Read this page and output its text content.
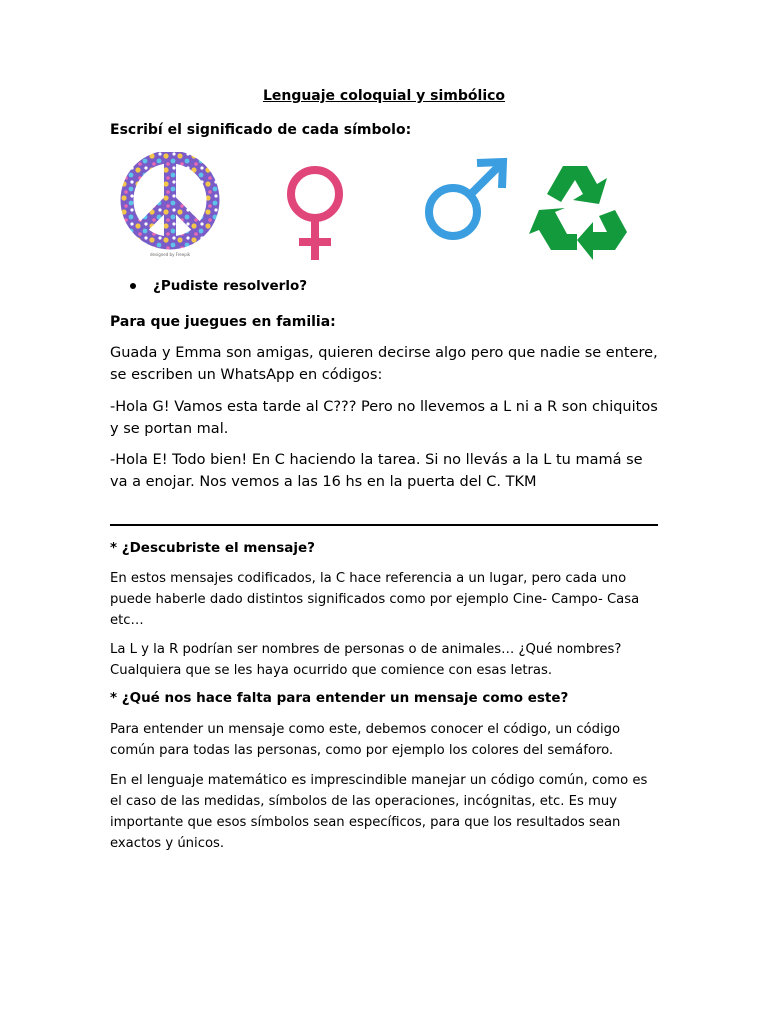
Lenguaje coloquial y simbólico
Escribí el significado de cada símbolo:
designed by Freepik
¿Pudiste resolverlo?
Para que juegues en familia:
Guada y Emma son amigas, quieren decirse algo pero que nadie se entere, se escriben un WhatsApp en códigos:
-Hola G! Vamos esta tarde al C??? Pero no llevemos a L ni a R son chiquitos y se portan mal.
-Hola E! Todo bien! En C haciendo la tarea. Si no llevás a la L tu mamá se va a enojar. Nos vemos a las 16 hs en la puerta del C. TKM
* ¿Descubriste el mensaje?
En estos mensajes codificados, la C hace referencia a un lugar, pero cada uno puede haberle dado distintos significados como por ejemplo Cine- Campo- Casa etc…
La L y la R podrían ser nombres de personas o de animales… ¿Qué nombres? Cualquiera que se les haya ocurrido que comience con esas letras.
* ¿Qué nos hace falta para entender un mensaje como este?
Para entender un mensaje como este, debemos conocer el código, un código común para todas las personas, como por ejemplo los colores del semáforo.
En el lenguaje matemático es imprescindible manejar un código común, como es el caso de las medidas, símbolos de las operaciones, incógnitas, etc. Es muy importante que esos símbolos sean específicos, para que los resultados sean exactos y únicos.
